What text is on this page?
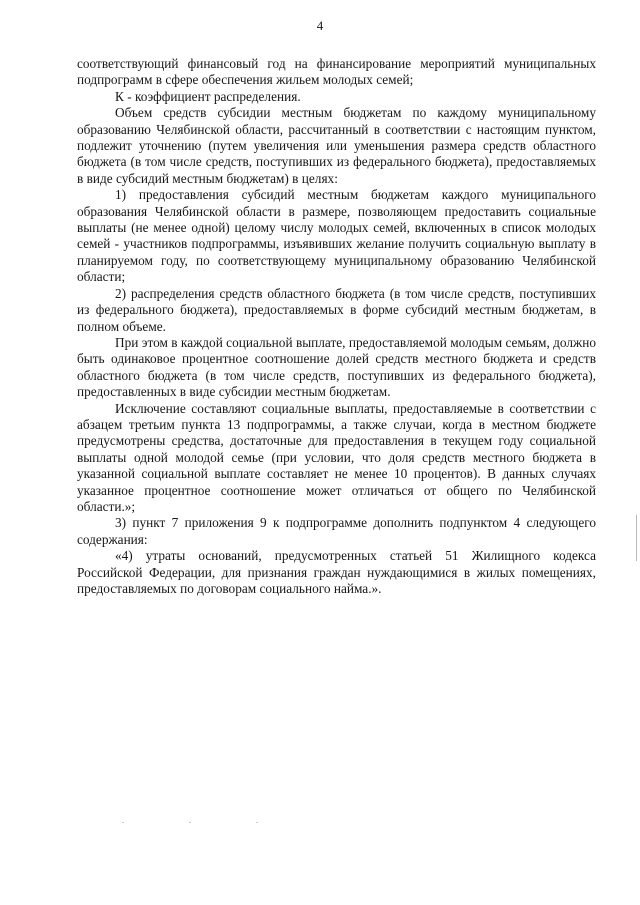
4

соответствующий финансовый год на финансирование мероприятий муниципальных подпрограмм в сфере обеспечения жильем молодых семей;

К - коэффициент распределения.

Объем средств субсидии местным бюджетам по каждому муниципальному образованию Челябинской области, рассчитанный в соответствии с настоящим пунктом, подлежит уточнению (путем увеличения или уменьшения размера средств областного бюджета (в том числе средств, поступивших из федерального бюджета), предоставляемых в виде субсидий местным бюджетам) в целях:

1) предоставления субсидий местным бюджетам каждого муниципального образования Челябинской области в размере, позволяющем предоставить социальные выплаты (не менее одной) целому числу молодых семей, включенных в список молодых семей - участников подпрограммы, изъявивших желание получить социальную выплату в планируемом году, по соответствующему муниципальному образованию Челябинской области;

2) распределения средств областного бюджета (в том числе средств, поступивших из федерального бюджета), предоставляемых в форме субсидий местным бюджетам, в полном объеме.

При этом в каждой социальной выплате, предоставляемой молодым семьям, должно быть одинаковое процентное соотношение долей средств местного бюджета и средств областного бюджета (в том числе средств, поступивших из федерального бюджета), предоставленных в виде субсидии местным бюджетам.

Исключение составляют социальные выплаты, предоставляемые в соответствии с абзацем третьим пункта 13 подпрограммы, а также случаи, когда в местном бюджете предусмотрены средства, достаточные для предоставления в текущем году социальной выплаты одной молодой семье (при условии, что доля средств местного бюджета в указанной социальной выплате составляет не менее 10 процентов). В данных случаях указанное процентное соотношение может отличаться от общего по Челябинской области.»;

3) пункт 7 приложения 9 к подпрограмме дополнить подпунктом 4 следующего содержания:

«4) утраты оснований, предусмотренных статьей 51 Жилищного кодекса Российской Федерации, для признания граждан нуждающимися в жилых помещениях, предоставляемых по договорам социального найма.».
